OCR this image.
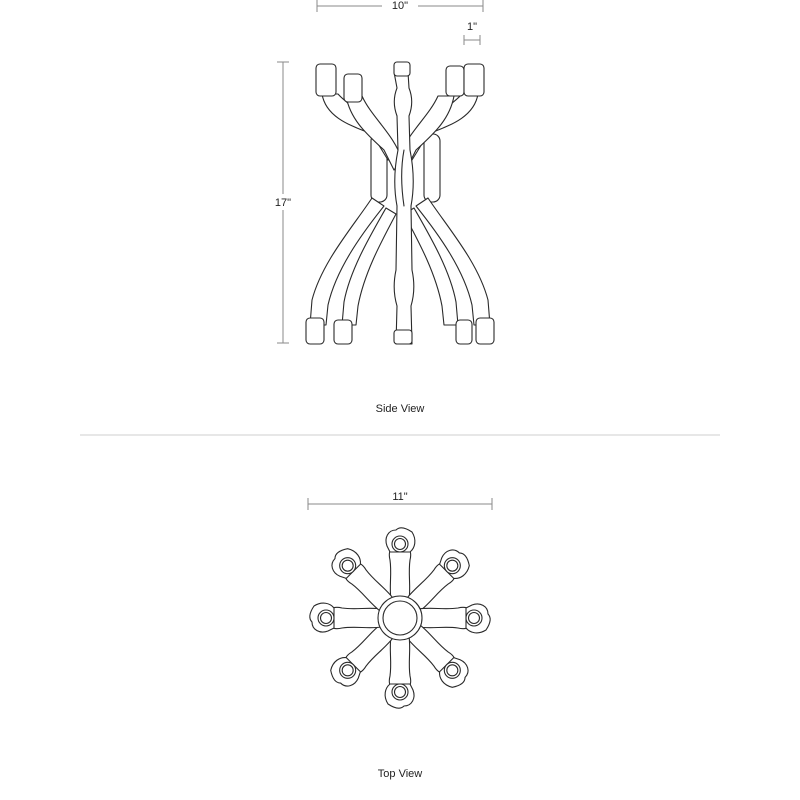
10"
1"
17"
Side View
11"
Top View
